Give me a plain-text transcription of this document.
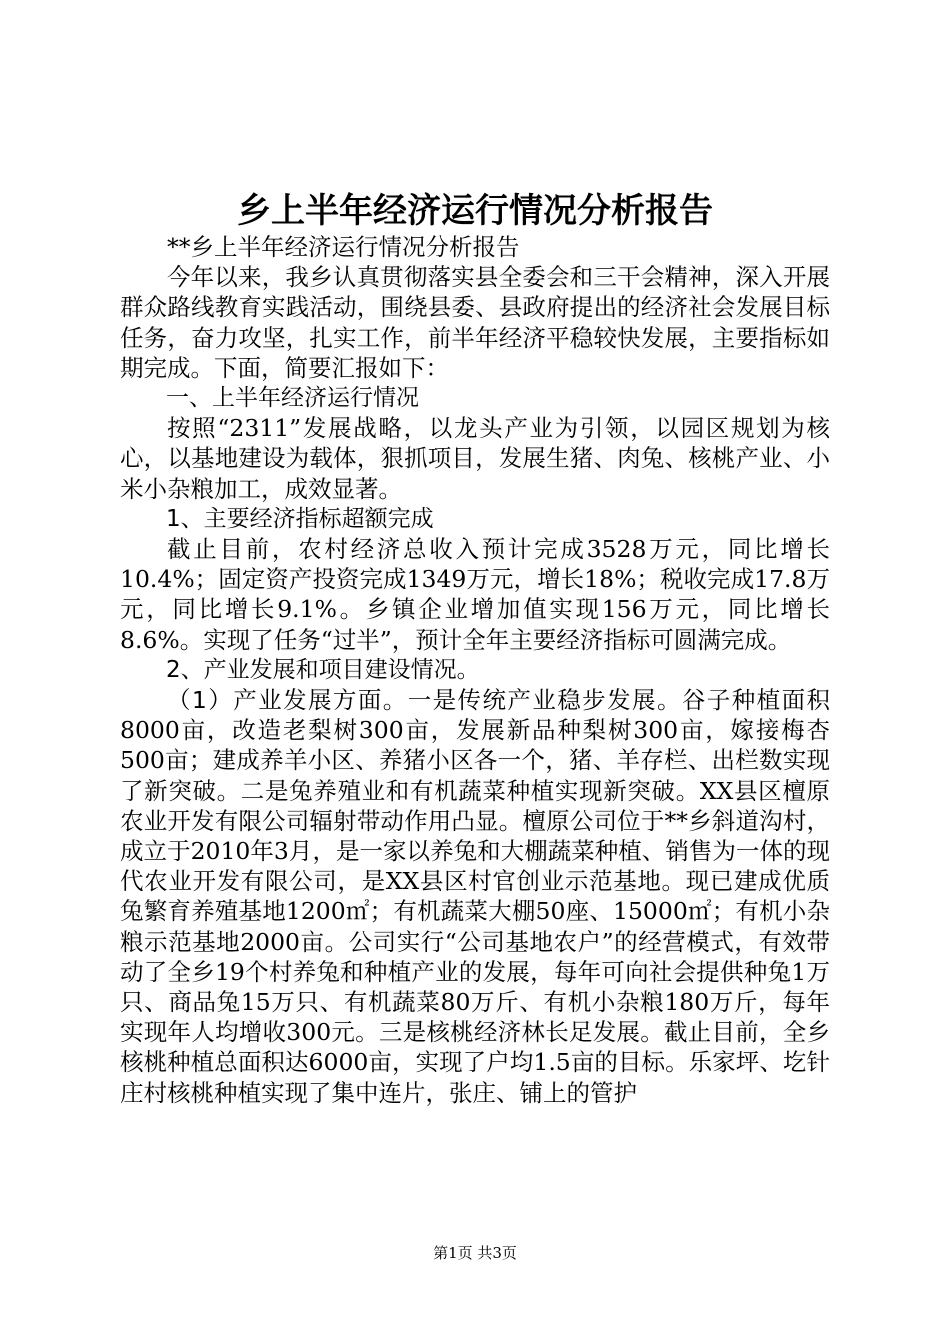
乡上半年经济运行情况分析报告

**乡上半年经济运行情况分析报告

今年以来，我乡认真贯彻落实县全委会和三干会精神，深入开展群众路线教育实践活动，围绕县委、县政府提出的经济社会发展目标任务，奋力攻坚，扎实工作，前半年经济平稳较快发展，主要指标如期完成。下面，简要汇报如下：

一、上半年经济运行情况

按照“2311”发展战略，以龙头产业为引领，以园区规划为核心，以基地建设为载体，狠抓项目，发展生猪、肉兔、核桃产业、小米小杂粮加工，成效显著。

1、主要经济指标超额完成

截止目前，农村经济总收入预计完成3528万元，同比增长10.4%；固定资产投资完成1349万元，增长18%；税收完成17.8万元，同比增长9.1%。乡镇企业增加值实现156万元，同比增长8.6%。实现了任务“过半”，预计全年主要经济指标可圆满完成。

2、产业发展和项目建设情况。

（1）产业发展方面。一是传统产业稳步发展。谷子种植面积8000亩，改造老梨树300亩，发展新品种梨树300亩，嫁接梅杏500亩；建成养羊小区、养猪小区各一个，猪、羊存栏、出栏数实现了新突破。二是兔养殖业和有机蔬菜种植实现新突破。XX县区檀原农业开发有限公司辐射带动作用凸显。檀原公司位于**乡斜道沟村，成立于2010年3月，是一家以养兔和大棚蔬菜种植、销售为一体的现代农业开发有限公司，是XX县区村官创业示范基地。现已建成优质兔繁育养殖基地1200㎡；有机蔬菜大棚50座、15000㎡；有机小杂粮示范基地2000亩。公司实行“公司基地农户”的经营模式，有效带动了全乡19个村养兔和种植产业的发展，每年可向社会提供种兔1万只、商品兔15万只、有机蔬菜80万斤、有机小杂粮180万斤，每年实现年人均增收300元。三是核桃经济林长足发展。截止目前，全乡核桃种植总面积达6000亩，实现了户均1.5亩的目标。乐家坪、圪针庄村核桃种植实现了集中连片，张庄、铺上的管护

第1页 共3页
